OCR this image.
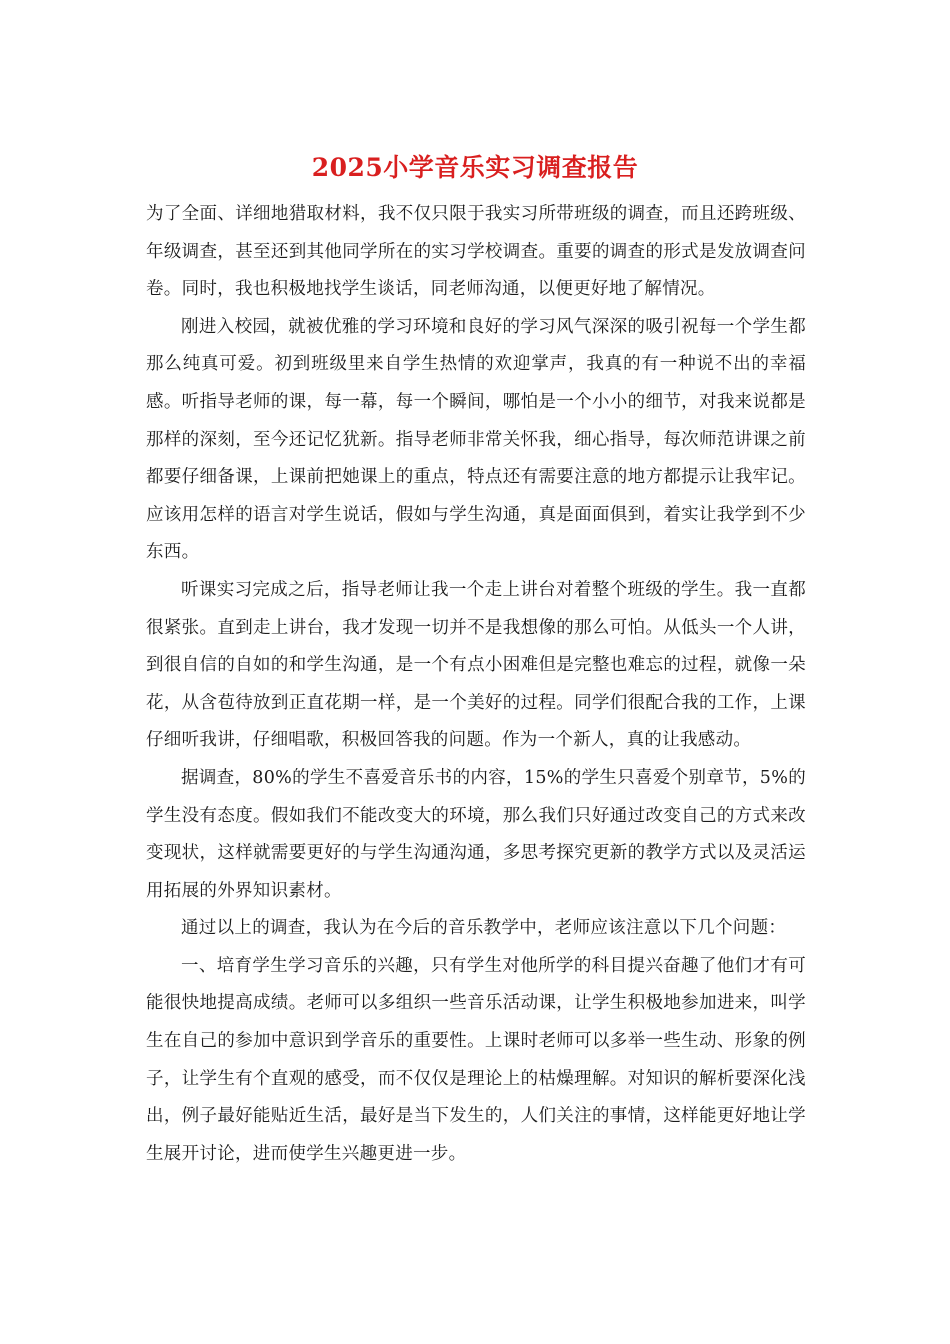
2025小学音乐实习调查报告

为了全面、详细地猎取材料，我不仅只限于我实习所带班级的调查，而且还跨班级、年级调查，甚至还到其他同学所在的实习学校调查。重要的调查的形式是发放调查问卷。同时，我也积极地找学生谈话，同老师沟通，以便更好地了解情况。

刚进入校园，就被优雅的学习环境和良好的学习风气深深的吸引祝每一个学生都那么纯真可爱。初到班级里来自学生热情的欢迎掌声，我真的有一种说不出的幸福感。听指导老师的课，每一幕，每一个瞬间，哪怕是一个小小的细节，对我来说都是那样的深刻，至今还记忆犹新。指导老师非常关怀我，细心指导，每次师范讲课之前都要仔细备课，上课前把她课上的重点，特点还有需要注意的地方都提示让我牢记。应该用怎样的语言对学生说话，假如与学生沟通，真是面面俱到，着实让我学到不少东西。

听课实习完成之后，指导老师让我一个走上讲台对着整个班级的学生。我一直都很紧张。直到走上讲台，我才发现一切并不是我想像的那么可怕。从低头一个人讲，到很自信的自如的和学生沟通，是一个有点小困难但是完整也难忘的过程，就像一朵花，从含苞待放到正直花期一样，是一个美好的过程。同学们很配合我的工作，上课仔细听我讲，仔细唱歌，积极回答我的问题。作为一个新人，真的让我感动。

据调查，80%的学生不喜爱音乐书的内容，15%的学生只喜爱个别章节，5%的学生没有态度。假如我们不能改变大的环境，那么我们只好通过改变自己的方式来改变现状，这样就需要更好的与学生沟通沟通，多思考探究更新的教学方式以及灵活运用拓展的外界知识素材。

通过以上的调查，我认为在今后的音乐教学中，老师应该注意以下几个问题：

一、培育学生学习音乐的兴趣，只有学生对他所学的科目提兴奋趣了他们才有可能很快地提高成绩。老师可以多组织一些音乐活动课，让学生积极地参加进来，叫学生在自己的参加中意识到学音乐的重要性。上课时老师可以多举一些生动、形象的例子，让学生有个直观的感受，而不仅仅是理论上的枯燥理解。对知识的解析要深化浅出，例子最好能贴近生活，最好是当下发生的，人们关注的事情，这样能更好地让学生展开讨论，进而使学生兴趣更进一步。
